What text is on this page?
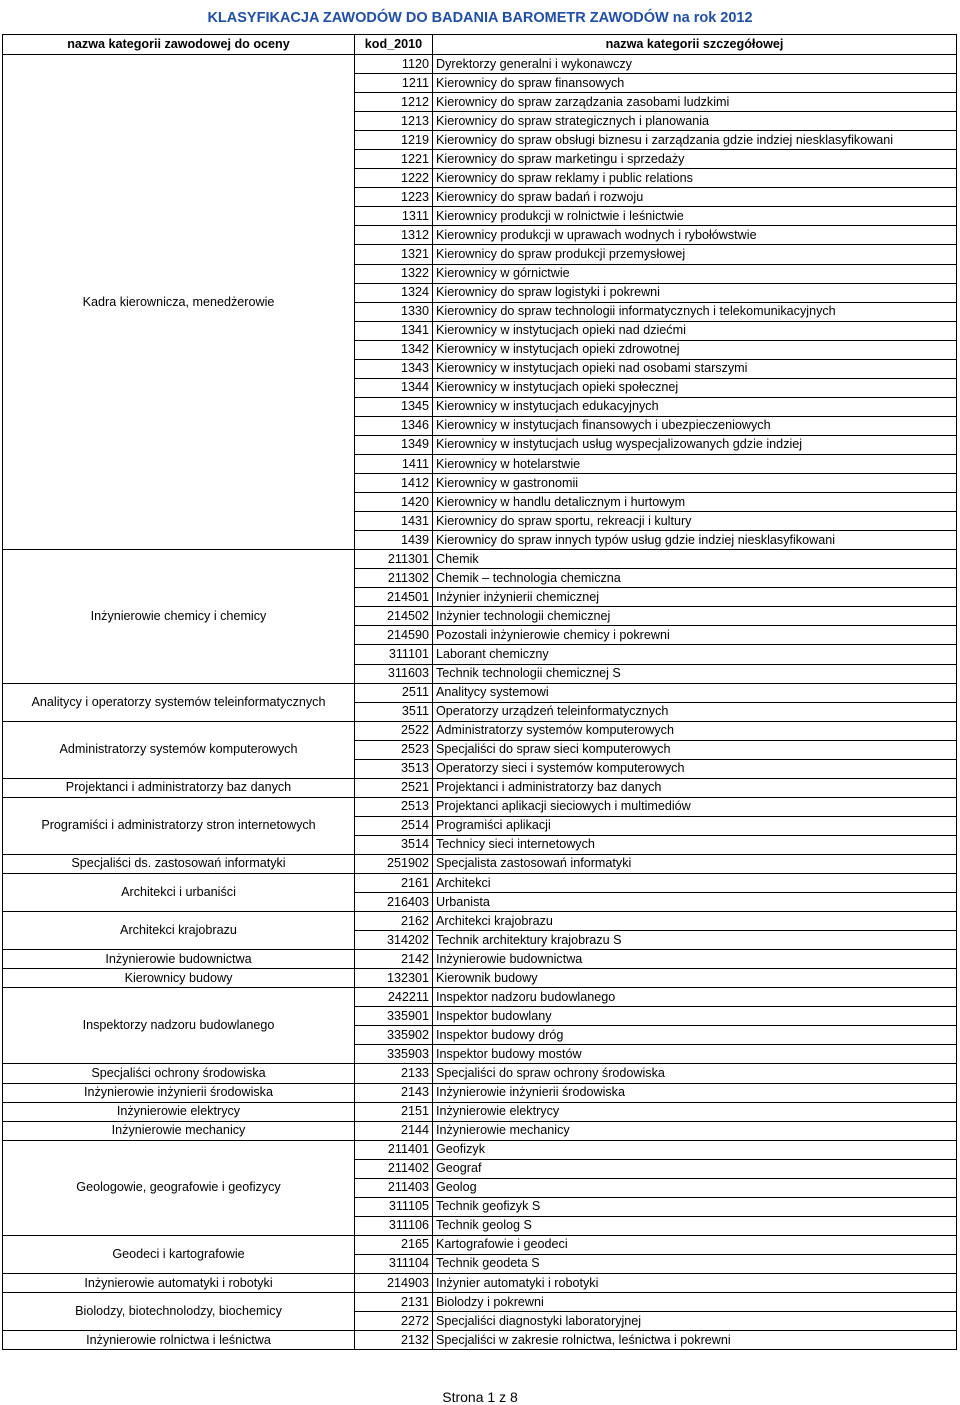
KLASYFIKACJA ZAWODÓW DO BADANIA BAROMETR ZAWODÓW na rok 2012
nazwa kategorii zawodowej do oceny	kod_2010	nazwa kategorii szczegółowej
Kadra kierownicza, menedżerowie	1120	Dyrektorzy generalni i wykonawczy
	1211	Kierownicy do spraw finansowych
	1212	Kierownicy do spraw zarządzania zasobami ludzkimi
	1213	Kierownicy do spraw strategicznych i planowania
	1219	Kierownicy do spraw obsługi biznesu i zarządzania gdzie indziej niesklasyfikowani
	1221	Kierownicy do spraw marketingu i sprzedaży
	1222	Kierownicy do spraw reklamy i public relations
	1223	Kierownicy do spraw badań i rozwoju
	1311	Kierownicy produkcji w rolnictwie i leśnictwie
	1312	Kierownicy produkcji w uprawach wodnych i rybołówstwie
	1321	Kierownicy do spraw produkcji przemysłowej
	1322	Kierownicy w górnictwie
	1324	Kierownicy do spraw logistyki i pokrewni
	1330	Kierownicy do spraw technologii informatycznych i telekomunikacyjnych
	1341	Kierownicy w instytucjach opieki nad dziećmi
	1342	Kierownicy w instytucjach opieki zdrowotnej
	1343	Kierownicy w instytucjach opieki nad osobami starszymi
	1344	Kierownicy w instytucjach opieki społecznej
	1345	Kierownicy w instytucjach edukacyjnych
	1346	Kierownicy w instytucjach finansowych i ubezpieczeniowych
	1349	Kierownicy w instytucjach usług wyspecjalizowanych gdzie indziej
	1411	Kierownicy w hotelarstwie
	1412	Kierownicy w gastronomii
	1420	Kierownicy w handlu detalicznym i hurtowym
	1431	Kierownicy do spraw sportu, rekreacji i kultury
	1439	Kierownicy do spraw innych typów usług gdzie indziej niesklasyfikowani
Inżynierowie chemicy i chemicy	211301	Chemik
	211302	Chemik – technologia chemiczna
	214501	Inżynier inżynierii chemicznej
	214502	Inżynier technologii chemicznej
	214590	Pozostali inżynierowie chemicy i pokrewni
	311101	Laborant chemiczny
	311603	Technik technologii chemicznej S
Analitycy i operatorzy systemów teleinformatycznych	2511	Analitycy systemowi
	3511	Operatorzy urządzeń teleinformatycznych
Administratorzy systemów komputerowych	2522	Administratorzy systemów komputerowych
	2523	Specjaliści do spraw sieci komputerowych
	3513	Operatorzy sieci i systemów komputerowych
Projektanci i administratorzy baz danych	2521	Projektanci i administratorzy baz danych
Programiści i administratorzy stron internetowych	2513	Projektanci aplikacji sieciowych i multimediów
	2514	Programiści aplikacji
	3514	Technicy sieci internetowych
Specjaliści ds. zastosowań informatyki	251902	Specjalista zastosowań informatyki
Architekci i urbaniści	2161	Architekci
	216403	Urbanista
Architekci krajobrazu	2162	Architekci krajobrazu
	314202	Technik architektury krajobrazu S
Inżynierowie budownictwa	2142	Inżynierowie budownictwa
Kierownicy budowy	132301	Kierownik budowy
Inspektorzy nadzoru budowlanego	242211	Inspektor nadzoru budowlanego
	335901	Inspektor budowlany
	335902	Inspektor budowy dróg
	335903	Inspektor budowy mostów
Specjaliści ochrony środowiska	2133	Specjaliści do spraw ochrony środowiska
Inżynierowie inżynierii środowiska	2143	Inżynierowie inżynierii środowiska
Inżynierowie elektrycy	2151	Inżynierowie elektrycy
Inżynierowie mechanicy	2144	Inżynierowie mechanicy
Geologowie, geografowie i geofizycy	211401	Geofizyk
	211402	Geograf
	211403	Geolog
	311105	Technik geofizyk S
	311106	Technik geolog S
Geodeci i kartografowie	2165	Kartografowie i geodeci
	311104	Technik geodeta S
Inżynierowie automatyki i robotyki	214903	Inżynier automatyki i robotyki
Biolodzy, biotechnolodzy, biochemicy	2131	Biolodzy i pokrewni
	2272	Specjaliści diagnostyki laboratoryjnej
Inżynierowie rolnictwa i leśnictwa	2132	Specjaliści w zakresie rolnictwa, leśnictwa i pokrewni
Strona 1 z 8
